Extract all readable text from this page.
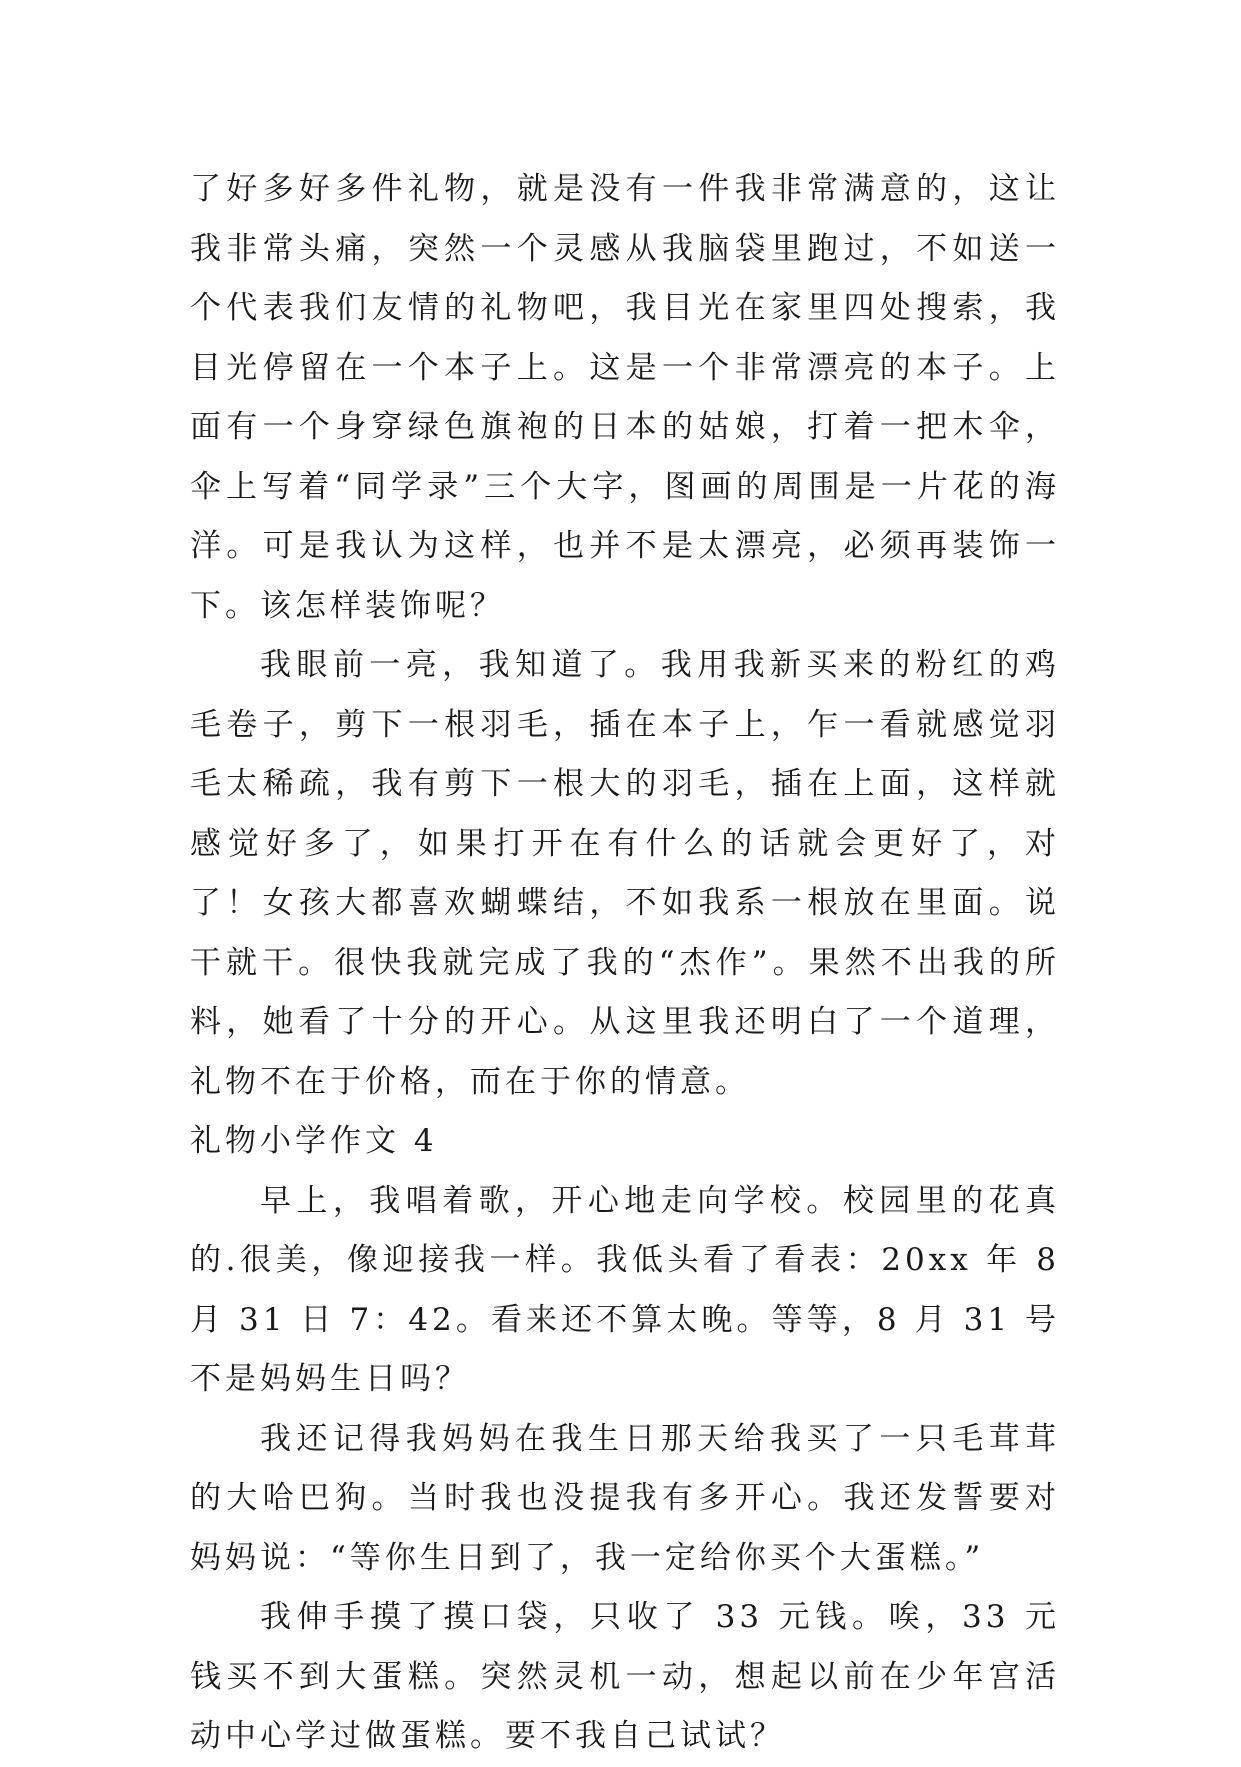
了好多好多件礼物，就是没有一件我非常满意的，这让我非常头痛，突然一个灵感从我脑袋里跑过，不如送一个代表我们友情的礼物吧，我目光在家里四处搜索，我目光停留在一个本子上。这是一个非常漂亮的本子。上面有一个身穿绿色旗袍的日本的姑娘，打着一把木伞，伞上写着“同学录”三个大字，图画的周围是一片花的海洋。可是我认为这样，也并不是太漂亮，必须再装饰一下。该怎样装饰呢？

我眼前一亮，我知道了。我用我新买来的粉红的鸡毛卷子，剪下一根羽毛，插在本子上，乍一看就感觉羽毛太稀疏，我有剪下一根大的羽毛，插在上面，这样就感觉好多了，如果打开在有什么的话就会更好了，对了！女孩大都喜欢蝴蝶结，不如我系一根放在里面。说干就干。很快我就完成了我的“杰作”。果然不出我的所料，她看了十分的开心。从这里我还明白了一个道理，礼物不在于价格，而在于你的情意。

礼物小学作文 4

早上，我唱着歌，开心地走向学校。校园里的花真的.很美，像迎接我一样。我低头看了看表：20xx 年 8 月 31 日 7：42。看来还不算太晚。等等，8 月 31 号不是妈妈生日吗？

我还记得我妈妈在我生日那天给我买了一只毛茸茸的大哈巴狗。当时我也没提我有多开心。我还发誓要对妈妈说：“等你生日到了，我一定给你买个大蛋糕。”

我伸手摸了摸口袋，只收了 33 元钱。唉，33 元钱买不到大蛋糕。突然灵机一动，想起以前在少年宫活动中心学过做蛋糕。要不我自己试试？
